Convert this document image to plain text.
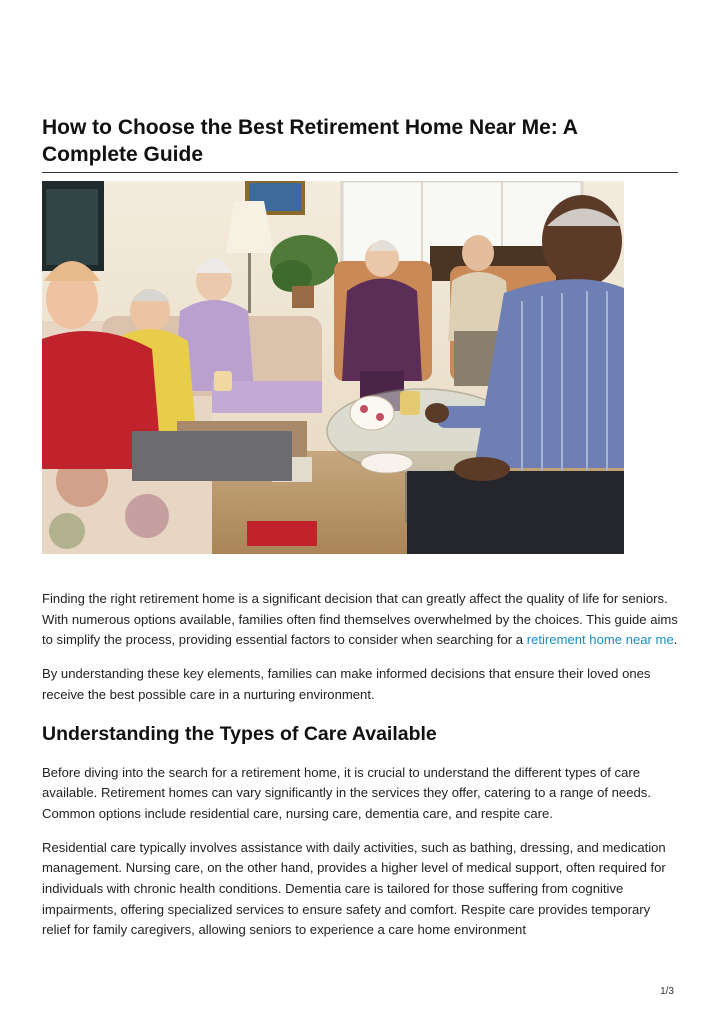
How to Choose the Best Retirement Home Near Me: A Complete Guide

Finding the right retirement home is a significant decision that can greatly affect the quality of life for seniors. With numerous options available, families often find themselves overwhelmed by the choices. This guide aims to simplify the process, providing essential factors to consider when searching for a retirement home near me.

By understanding these key elements, families can make informed decisions that ensure their loved ones receive the best possible care in a nurturing environment.

Understanding the Types of Care Available

Before diving into the search for a retirement home, it is crucial to understand the different types of care available. Retirement homes can vary significantly in the services they offer, catering to a range of needs. Common options include residential care, nursing care, dementia care, and respite care.

Residential care typically involves assistance with daily activities, such as bathing, dressing, and medication management. Nursing care, on the other hand, provides a higher level of medical support, often required for individuals with chronic health conditions. Dementia care is tailored for those suffering from cognitive impairments, offering specialized services to ensure safety and comfort. Respite care provides temporary relief for family caregivers, allowing seniors to experience a care home environment

1/3
